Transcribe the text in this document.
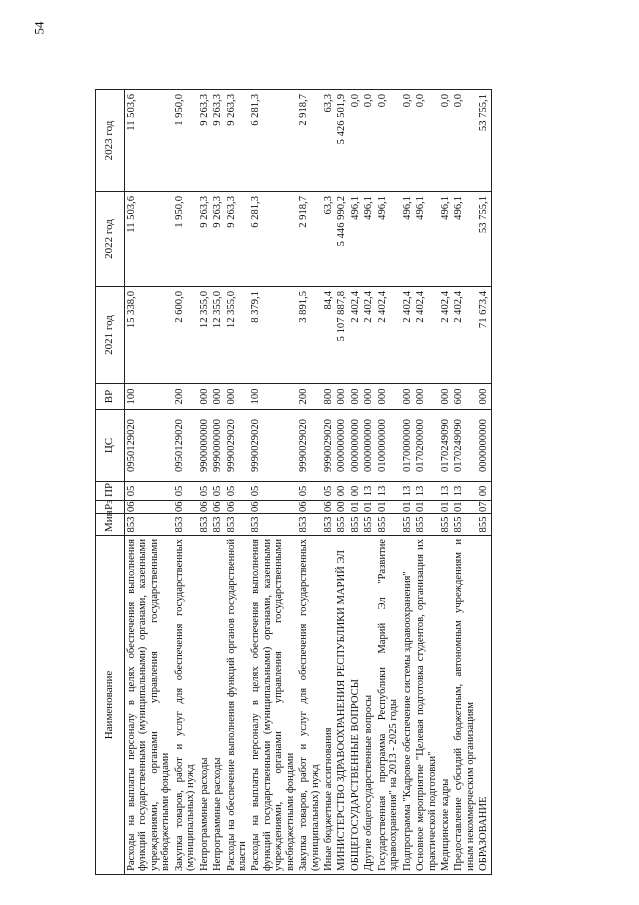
54
Наименование	Мин	Рз	ПР	ЦС	ВР	2021 год	2022 год	2023 год
Расходы на выплаты персоналу в целях обеспечения выполнения функций государственными (муниципальными) органами, казенными учреждениями, органами управления государственными внебюджетными фондами	853	06	05	0950129020	100	15 338,0	11 503,6	11 503,6
Закупка товаров, работ и услуг для обеспечения государственных (муниципальных) нужд	853	06	05	0950129020	200	2 600,0	1 950,0	1 950,0
Непрограммные расходы	853	06	05	9900000000	000	12 355,0	9 263,3	9 263,3
Непрограммные расходы	853	06	05	9990000000	000	12 355,0	9 263,3	9 263,3
Расходы на обеспечение выполнения функций органов государственной власти	853	06	05	9990029020	000	12 355,0	9 263,3	9 263,3
Расходы на выплаты персоналу в целях обеспечения выполнения функций государственными (муниципальными) органами, казенными учреждениями, органами управления государственными внебюджетными фондами	853	06	05	9990029020	100	8 379,1	6 281,3	6 281,3
Закупка товаров, работ и услуг для обеспечения государственных (муниципальных) нужд	853	06	05	9990029020	200	3 891,5	2 918,7	2 918,7
Иные бюджетные ассигнования	853	06	05	9990029020	800	84,4	63,3	63,3
МИНИСТЕРСТВО ЗДРАВООХРАНЕНИЯ РЕСПУБЛИКИ МАРИЙ ЭЛ	855	00	00	0000000000	000	5 107 887,8	5 446 990,2	5 426 501,9
ОБЩЕГОСУДАРСТВЕННЫЕ ВОПРОСЫ	855	01	00	0000000000	000	2 402,4	496,1	0,0
Другие общегосударственные вопросы	855	01	13	0000000000	000	2 402,4	496,1	0,0
Государственная программа Республики Марий Эл "Развитие здравоохранения" на 2013 - 2025 годы	855	01	13	0100000000	000	2 402,4	496,1	0,0
Подпрограмма "Кадровое обеспечение системы здравоохранения"	855	01	13	0170000000	000	2 402,4	496,1	0,0
Основное мероприятие "Целевая подготовка студентов, организация их практической подготовки"	855	01	13	0170200000	000	2 402,4	496,1	0,0
Медицинские кадры	855	01	13	0170249090	000	2 402,4	496,1	0,0
Предоставление субсидий бюджетным, автономным учреждениям и иным некоммерческим организациям	855	01	13	0170249090	600	2 402,4	496,1	0,0
ОБРАЗОВАНИЕ	855	07	00	0000000000	000	71 673,4	53 755,1	53 755,1
